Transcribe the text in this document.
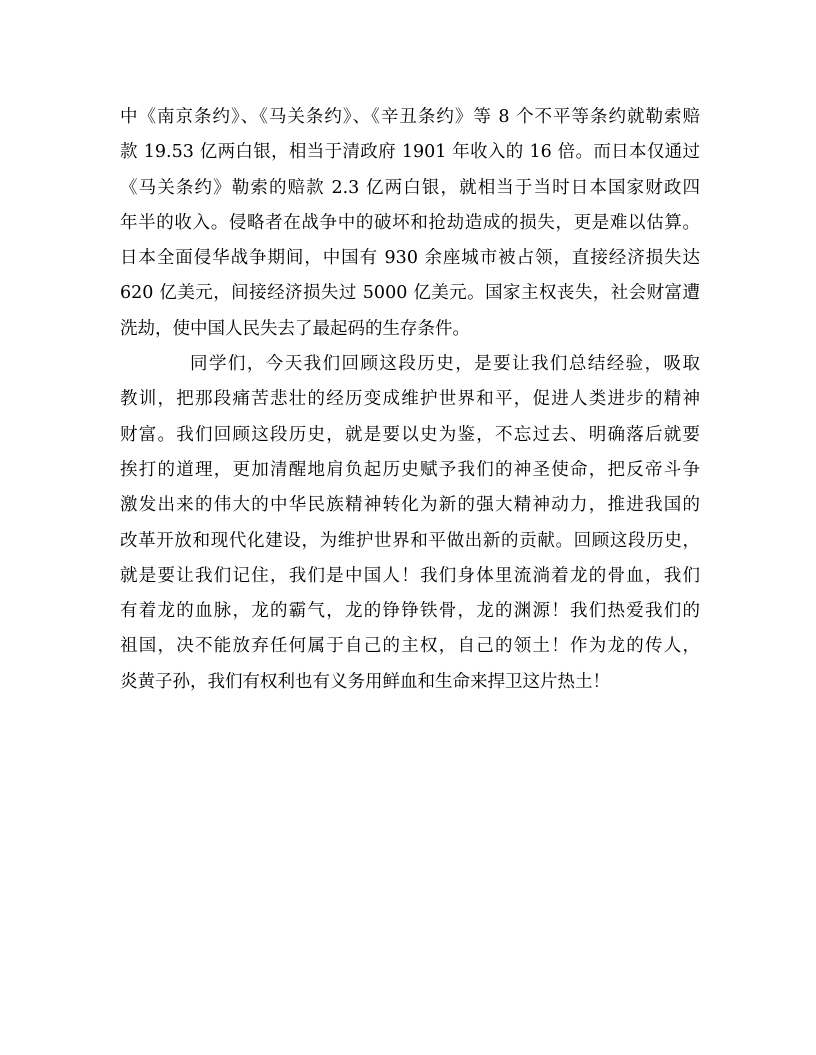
中《南京条约》、《马关条约》、《辛丑条约》等 8 个不平等条约就勒索赔
款 19.53 亿两白银，相当于清政府 1901 年收入的 16 倍。而日本仅通过
《马关条约》勒索的赔款 2.3 亿两白银，就相当于当时日本国家财政四
年半的收入。侵略者在战争中的破坏和抢劫造成的损失，更是难以估算。
日本全面侵华战争期间，中国有 930 余座城市被占领，直接经济损失达
620 亿美元，间接经济损失过 5000 亿美元。国家主权丧失，社会财富遭
洗劫，使中国人民失去了最起码的生存条件。
同学们，今天我们回顾这段历史，是要让我们总结经验，吸取
教训，把那段痛苦悲壮的经历变成维护世界和平，促进人类进步的精神
财富。我们回顾这段历史，就是要以史为鉴，不忘过去、明确落后就要
挨打的道理，更加清醒地肩负起历史赋予我们的神圣使命，把反帝斗争
激发出来的伟大的中华民族精神转化为新的强大精神动力，推进我国的
改革开放和现代化建设，为维护世界和平做出新的贡献。回顾这段历史，
就是要让我们记住，我们是中国人！我们身体里流淌着龙的骨血，我们
有着龙的血脉，龙的霸气，龙的铮铮铁骨，龙的渊源！我们热爱我们的
祖国，决不能放弃任何属于自己的主权，自己的领土！作为龙的传人，
炎黄子孙，我们有权利也有义务用鲜血和生命来捍卫这片热土！
